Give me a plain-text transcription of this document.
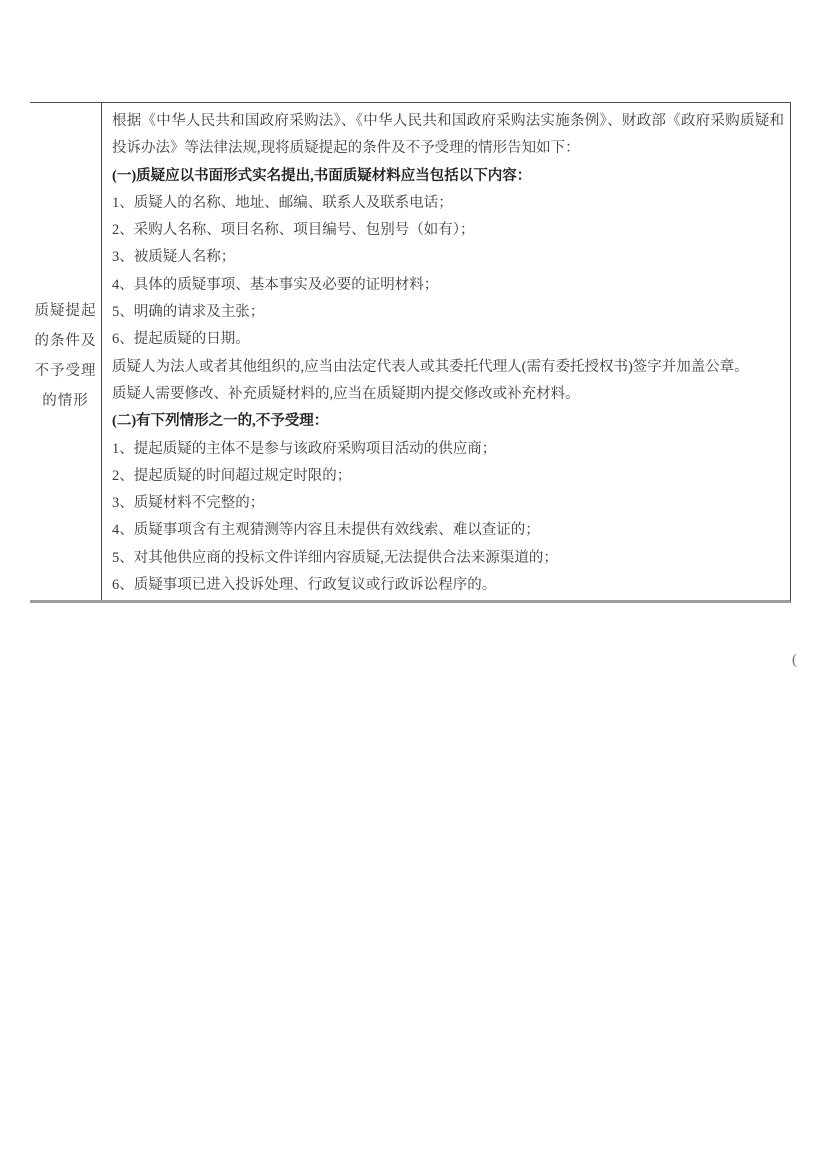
质疑提起
的条件及
不予受理
的情形
根据《中华人民共和国政府采购法》、《中华人民共和国政府采购法实施条例》、财政部《政府采购质疑和投诉办法》等法律法规,现将质疑提起的条件及不予受理的情形告知如下：
(一)质疑应以书面形式实名提出,书面质疑材料应当包括以下内容：
1、质疑人的名称、地址、邮编、联系人及联系电话；
2、采购人名称、项目名称、项目编号、包别号（如有）；
3、被质疑人名称；
4、具体的质疑事项、基本事实及必要的证明材料；
5、明确的请求及主张；
6、提起质疑的日期。
质疑人为法人或者其他组织的,应当由法定代表人或其委托代理人(需有委托授权书)签字并加盖公章。
质疑人需要修改、补充质疑材料的,应当在质疑期内提交修改或补充材料。
(二)有下列情形之一的,不予受理：
1、提起质疑的主体不是参与该政府采购项目活动的供应商；
2、提起质疑的时间超过规定时限的；
3、质疑材料不完整的；
4、质疑事项含有主观猜测等内容且未提供有效线索、难以查证的；
5、对其他供应商的投标文件详细内容质疑,无法提供合法来源渠道的；
6、质疑事项已进入投诉处理、行政复议或行政诉讼程序的。
(
